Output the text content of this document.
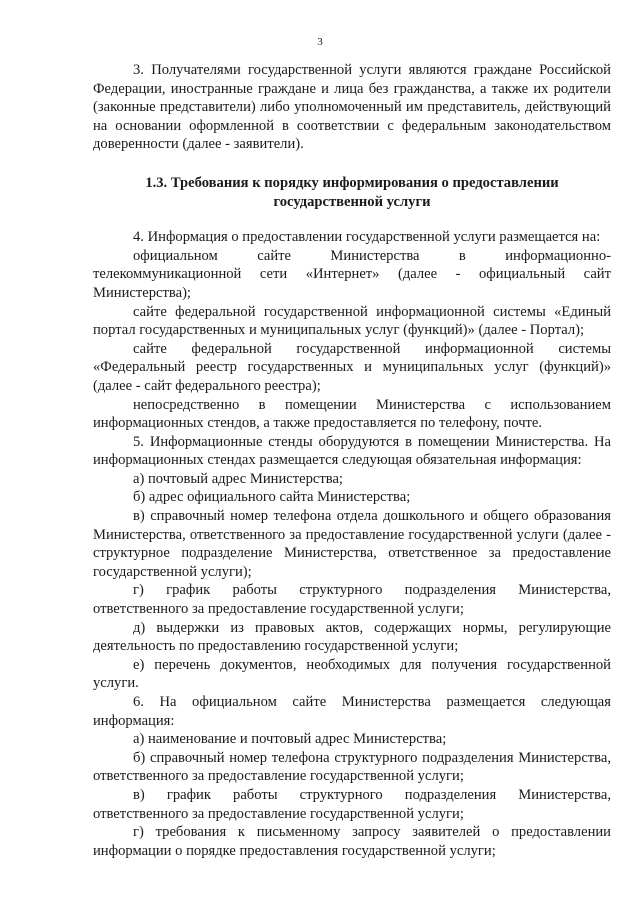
3

3. Получателями государственной услуги являются граждане Российской Федерации, иностранные граждане и лица без гражданства, а также их родители (законные представители) либо уполномоченный им представитель, действующий на основании оформленной в соответствии с федеральным законодательством доверенности (далее - заявители).

1.3. Требования к порядку информирования о предоставлении государственной услуги

4. Информация о предоставлении государственной услуги размещается на:

официальном сайте Министерства в информационно-телекоммуникационной сети «Интернет» (далее - официальный сайт Министерства);

сайте федеральной государственной информационной системы «Единый портал государственных и муниципальных услуг (функций)» (далее - Портал);

сайте федеральной государственной информационной системы «Федеральный реестр государственных и муниципальных услуг (функций)» (далее - сайт федерального реестра);

непосредственно в помещении Министерства с использованием информационных стендов, а также предоставляется по телефону, почте.

5. Информационные стенды оборудуются в помещении Министерства. На информационных стендах размещается следующая обязательная информация:

а) почтовый адрес Министерства;

б) адрес официального сайта Министерства;

в) справочный номер телефона отдела дошкольного и общего образования Министерства, ответственного за предоставление государственной услуги (далее - структурное подразделение Министерства, ответственное за предоставление государственной услуги);

г) график работы структурного подразделения Министерства, ответственного за предоставление государственной услуги;

д) выдержки из правовых актов, содержащих нормы, регулирующие деятельность по предоставлению государственной услуги;

е) перечень документов, необходимых для получения государственной услуги.

6. На официальном сайте Министерства размещается следующая информация:

а) наименование и почтовый адрес Министерства;

б) справочный номер телефона структурного подразделения Министерства, ответственного за предоставление государственной услуги;

в) график работы структурного подразделения Министерства, ответственного за предоставление государственной услуги;

г) требования к письменному запросу заявителей о предоставлении информации о порядке предоставления государственной услуги;
